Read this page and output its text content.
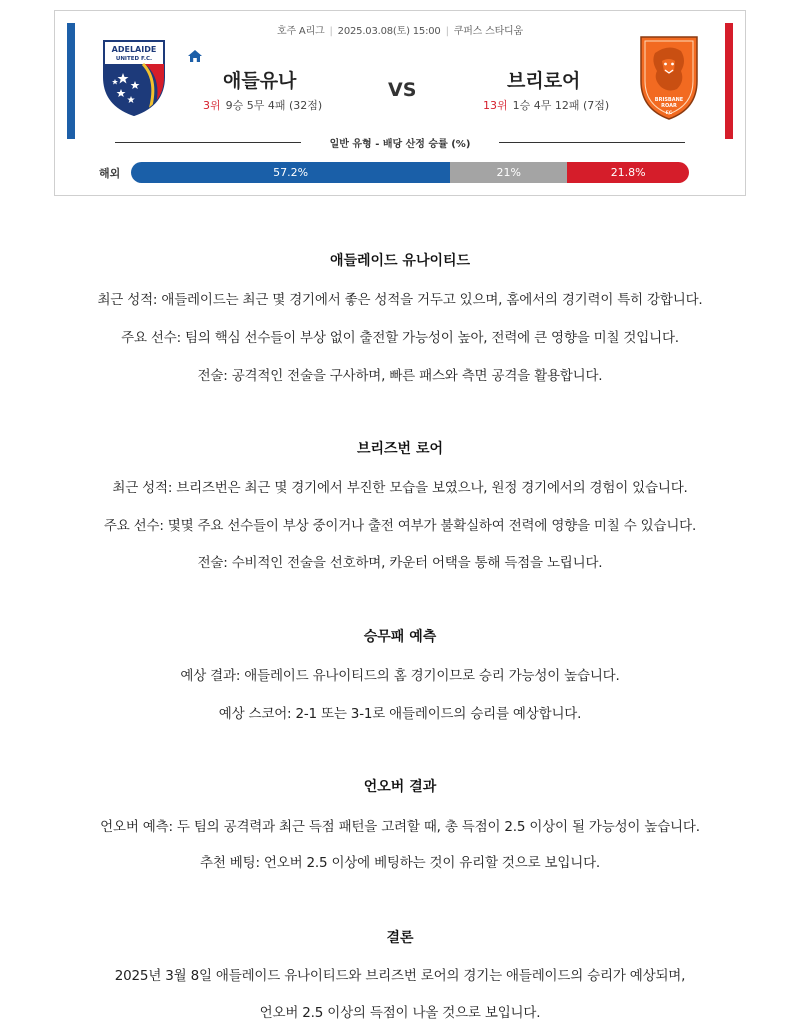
호주 A리그 | 2025.03.08(토) 15:00 | 쿠퍼스 스타디움
ADELAIDE
UNITED F.C.
애들유나
3위 9승 5무 4패 (32점)
VS	브리로어
13위 1승 4무 12패 (7점)	BRISBANE
ROAR
FC
일반 유형 - 배당 산정 승률 (%)
해외	57.2%	21%	21.8%
애들레이드 유나이티드
최근 성적: 애들레이드는 최근 몇 경기에서 좋은 성적을 거두고 있으며, 홈에서의 경기력이 특히 강합니다.
주요 선수: 팀의 핵심 선수들이 부상 없이 출전할 가능성이 높아, 전력에 큰 영향을 미칠 것입니다.
전술: 공격적인 전술을 구사하며, 빠른 패스와 측면 공격을 활용합니다.
브리즈번 로어
최근 성적: 브리즈번은 최근 몇 경기에서 부진한 모습을 보였으나, 원정 경기에서의 경험이 있습니다.
주요 선수: 몇몇 주요 선수들이 부상 중이거나 출전 여부가 불확실하여 전력에 영향을 미칠 수 있습니다.
전술: 수비적인 전술을 선호하며, 카운터 어택을 통해 득점을 노립니다.
승무패 예측
예상 결과: 애들레이드 유나이티드의 홈 경기이므로 승리 가능성이 높습니다.
예상 스코어: 2-1 또는 3-1로 애들레이드의 승리를 예상합니다.
언오버 결과
언오버 예측: 두 팀의 공격력과 최근 득점 패턴을 고려할 때, 총 득점이 2.5 이상이 될 가능성이 높습니다.
추천 베팅: 언오버 2.5 이상에 베팅하는 것이 유리할 것으로 보입니다.
결론
2025년 3월 8일 애들레이드 유나이티드와 브리즈번 로어의 경기는 애들레이드의 승리가 예상되며,
언오버 2.5 이상의 득점이 나올 것으로 보입니다.
